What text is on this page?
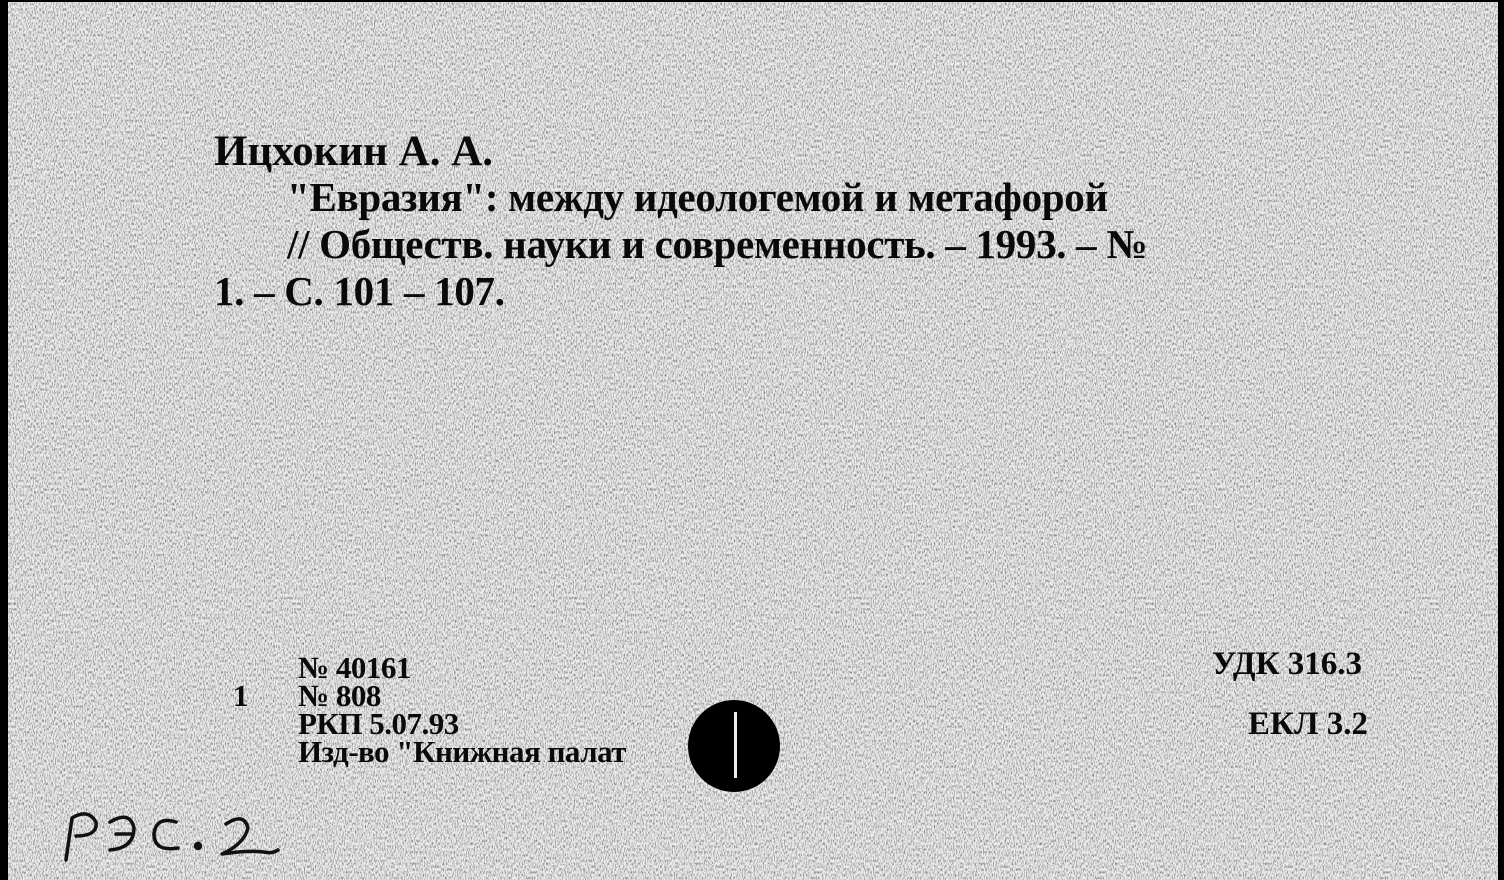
Ицхокин А. А.
"Евразия": между идеологемой и метафорой
// Обществ. науки и современность. – 1993. – №
1. – С. 101 – 107.
1
№ 40161
№ 808
РКП 5.07.93
Изд-во "Книжная палат
УДК 316.3
ЕКЛ 3.2
